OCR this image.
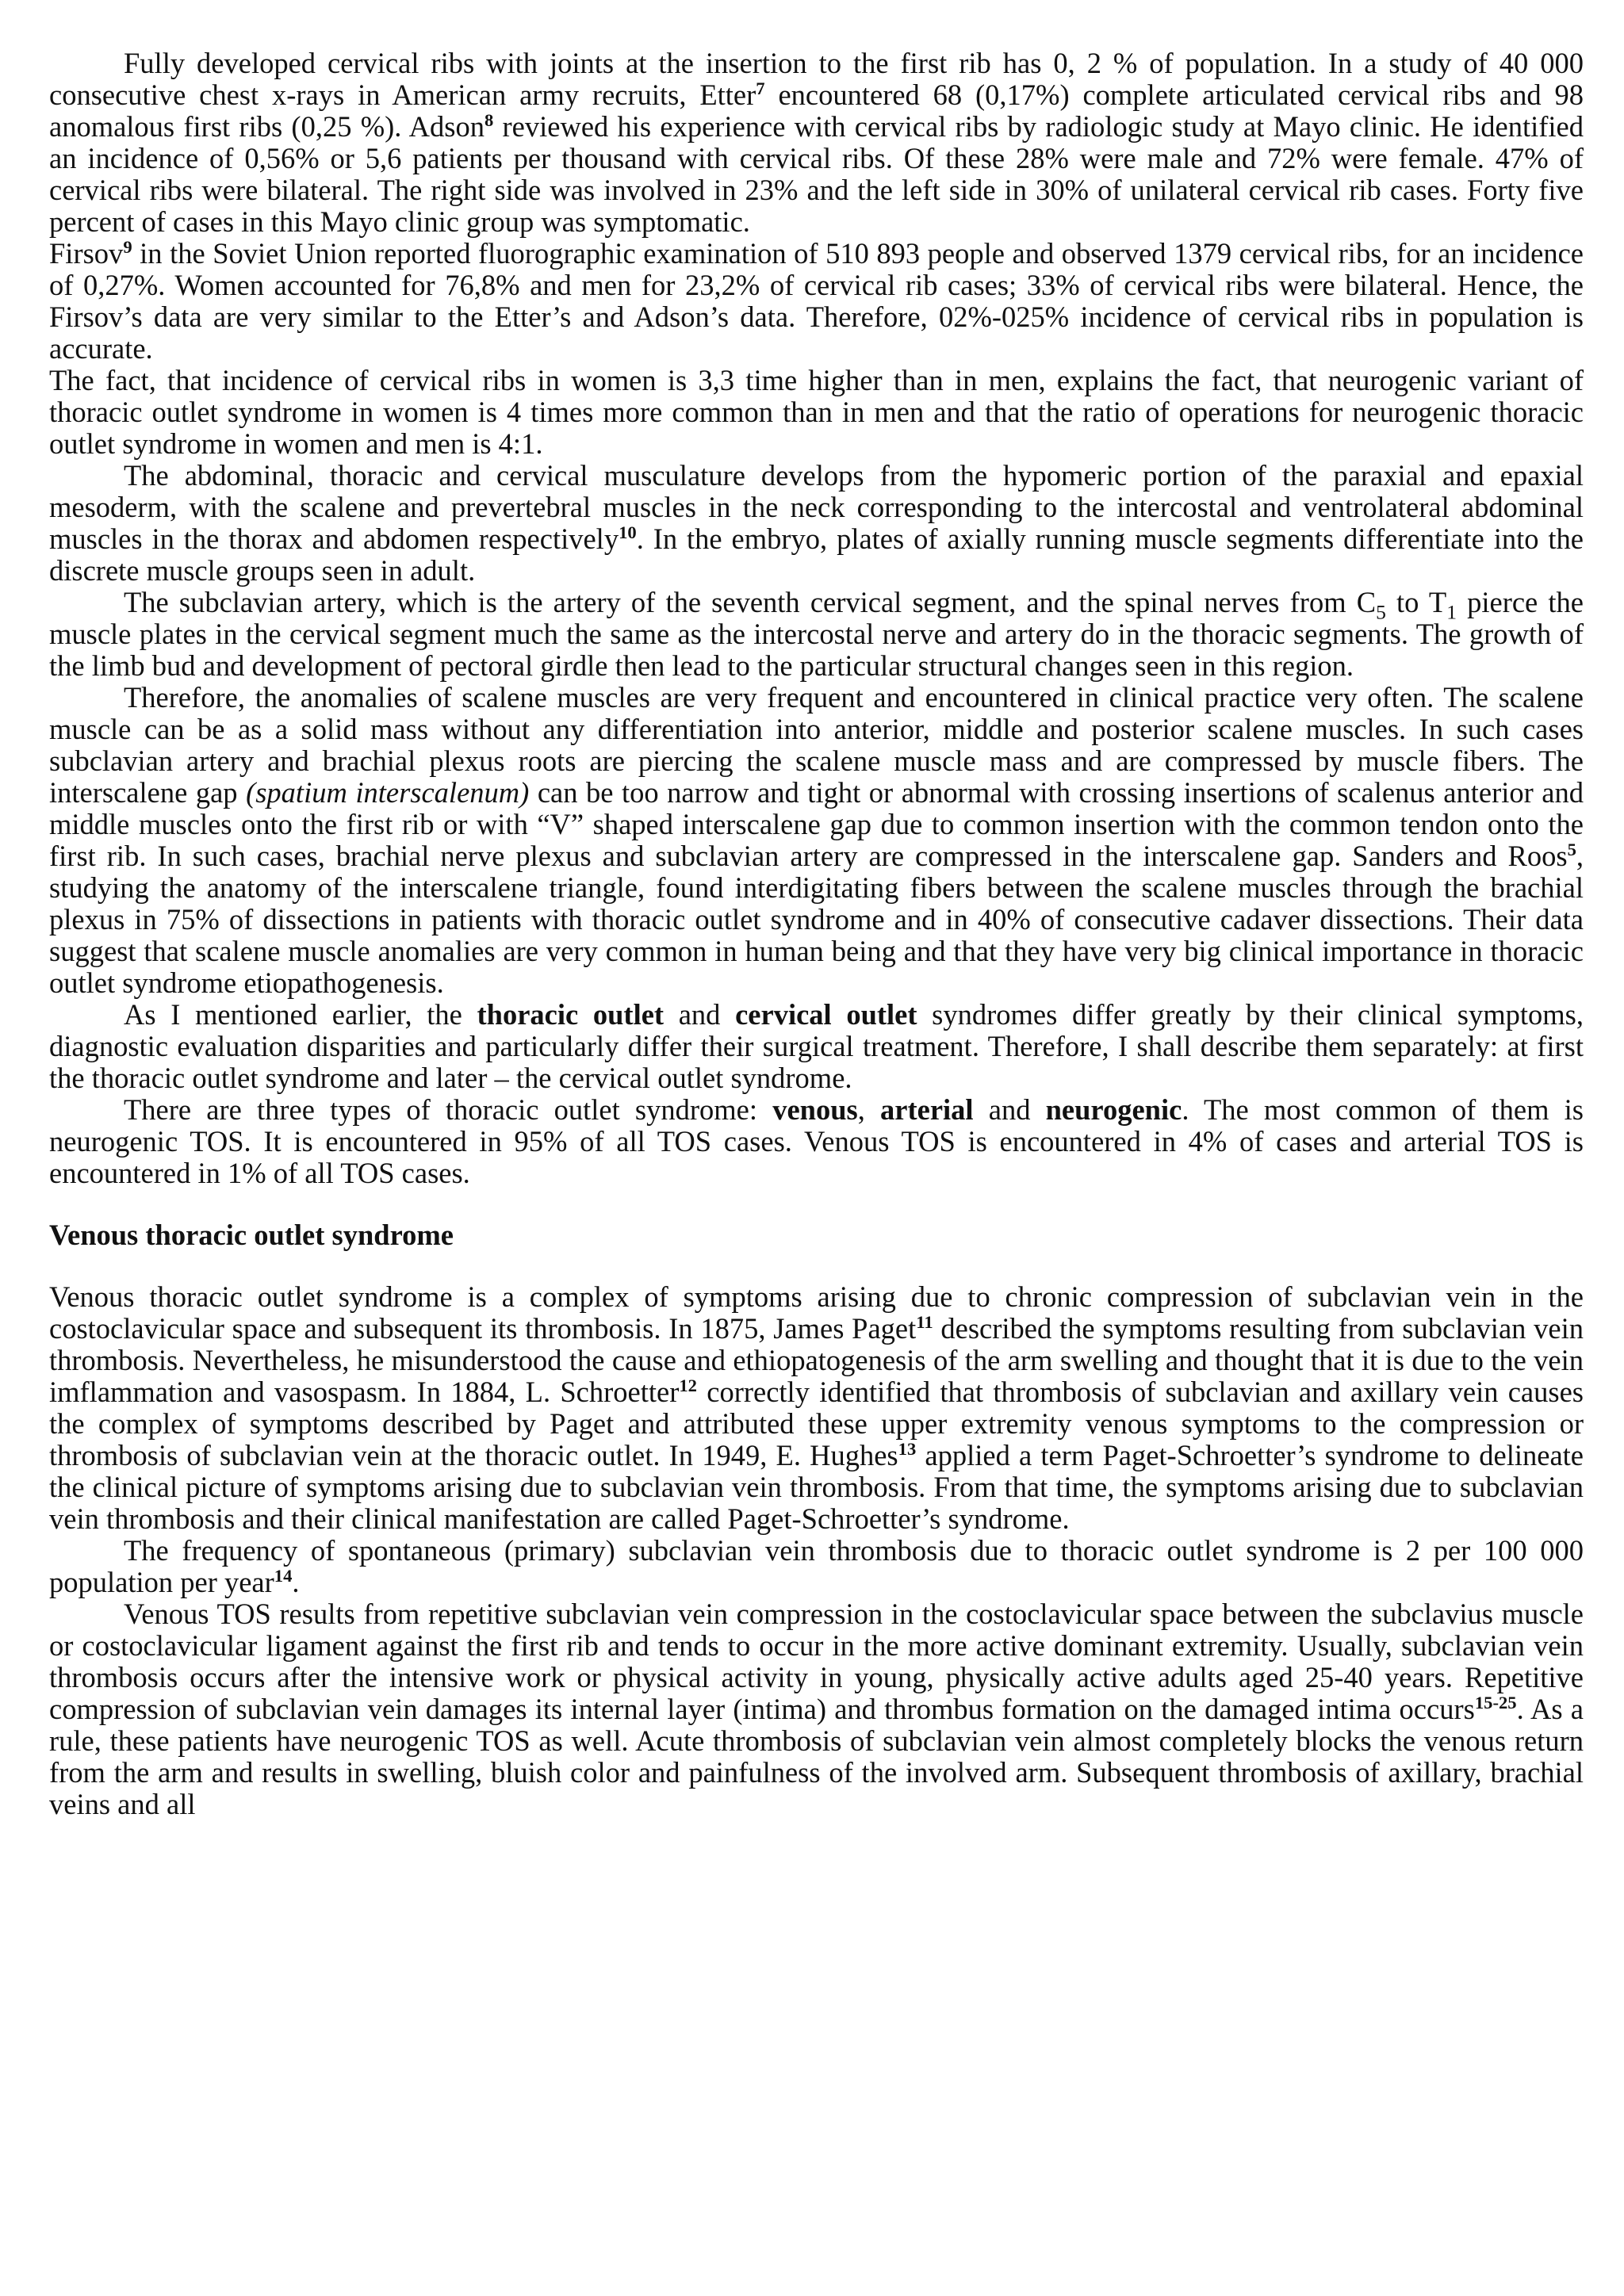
Fully developed cervical ribs with joints at the insertion to the first rib has 0, 2 % of population. In a study of 40 000 consecutive chest x-rays in American army recruits, Etter$^7$ encountered 68 (0,17%) complete articulated cervical ribs and 98 anomalous first ribs (0,25 %). Adson$^8$ reviewed his experience with cervical ribs by radiologic study at Mayo clinic. He identified an incidence of 0,56% or 5,6 patients per thousand with cervical ribs. Of these 28% were male and 72% were female. 47% of cervical ribs were bilateral. The right side was involved in 23% and the left side in 30% of unilateral cervical rib cases. Forty five percent of cases in this Mayo clinic group was symptomatic.

Firsov$^9$ in the Soviet Union reported fluorographic examination of 510 893 people and observed 1379 cervical ribs, for an incidence of 0,27%. Women accounted for 76,8% and men for 23,2% of cervical rib cases; 33% of cervical ribs were bilateral. Hence, the Firsov’s data are very similar to the Etter’s and Adson’s data. Therefore, 02%-025% incidence of cervical ribs in population is accurate.

The fact, that incidence of cervical ribs in women is 3,3 time higher than in men, explains the fact, that neurogenic variant of thoracic outlet syndrome in women is 4 times more common than in men and that the ratio of operations for neurogenic thoracic outlet syndrome in women and men is 4:1.

The abdominal, thoracic and cervical musculature develops from the hypomeric portion of the paraxial and epaxial mesoderm, with the scalene and prevertebral muscles in the neck corresponding to the intercostal and ventrolateral abdominal muscles in the thorax and abdomen respectively$^{10}$. In the embryo, plates of axially running muscle segments differentiate into the discrete muscle groups seen in adult.

The subclavian artery, which is the artery of the seventh cervical segment, and the spinal nerves from $C_5$ to $T_1$ pierce the muscle plates in the cervical segment much the same as the intercostal nerve and artery do in the thoracic segments. The growth of the limb bud and development of pectoral girdle then lead to the particular structural changes seen in this region.

Therefore, the anomalies of scalene muscles are very frequent and encountered in clinical practice very often. The scalene muscle can be as a solid mass without any differentiation into anterior, middle and posterior scalene muscles. In such cases subclavian artery and brachial plexus roots are piercing the scalene muscle mass and are compressed by muscle fibers. The interscalene gap (spatium interscalenum) can be too narrow and tight or abnormal with crossing insertions of scalenus anterior and middle muscles onto the first rib or with “V” shaped interscalene gap due to common insertion with the common tendon onto the first rib. In such cases, brachial nerve plexus and subclavian artery are compressed in the interscalene gap. Sanders and Roos$^5$, studying the anatomy of the interscalene triangle, found interdigitating fibers between the scalene muscles through the brachial plexus in 75% of dissections in patients with thoracic outlet syndrome and in 40% of consecutive cadaver dissections. Their data suggest that scalene muscle anomalies are very common in human being and that they have very big clinical importance in thoracic outlet syndrome etiopathogenesis.

As I mentioned earlier, the thoracic outlet and cervical outlet syndromes differ greatly by their clinical symptoms, diagnostic evaluation disparities and particularly differ their surgical treatment. Therefore, I shall describe them separately: at first the thoracic outlet syndrome and later – the cervical outlet syndrome.

There are three types of thoracic outlet syndrome: venous, arterial and neurogenic. The most common of them is neurogenic TOS. It is encountered in 95% of all TOS cases. Venous TOS is encountered in 4% of cases and arterial TOS is encountered in 1% of all TOS cases.

Venous thoracic outlet syndrome

Venous thoracic outlet syndrome is a complex of symptoms arising due to chronic compression of subclavian vein in the costoclavicular space and subsequent its thrombosis. In 1875, James Paget$^{11}$ described the symptoms resulting from subclavian vein thrombosis. Nevertheless, he misunderstood the cause and ethiopatogenesis of the arm swelling and thought that it is due to the vein imflammation and vasospasm. In 1884, L. Schroetter$^{12}$ correctly identified that thrombosis of subclavian and axillary vein causes the complex of symptoms described by Paget and attributed these upper extremity venous symptoms to the compression or thrombosis of subclavian vein at the thoracic outlet. In 1949, E. Hughes$^{13}$ applied a term Paget-Schroetter’s syndrome to delineate the clinical picture of symptoms arising due to subclavian vein thrombosis. From that time, the symptoms arising due to subclavian vein thrombosis and their clinical manifestation are called Paget-Schroetter’s syndrome.

The frequency of spontaneous (primary) subclavian vein thrombosis due to thoracic outlet syndrome is 2 per 100 000 population per year$^{14}$.

Venous TOS results from repetitive subclavian vein compression in the costoclavicular space between the subclavius muscle or costoclavicular ligament against the first rib and tends to occur in the more active dominant extremity. Usually, subclavian vein thrombosis occurs after the intensive work or physical activity in young, physically active adults aged 25-40 years. Repetitive compression of subclavian vein damages its internal layer (intima) and thrombus formation on the damaged intima occurs$^{15-25}$. As a rule, these patients have neurogenic TOS as well. Acute thrombosis of subclavian vein almost completely blocks the venous return from the arm and results in swelling, bluish color and painfulness of the involved arm. Subsequent thrombosis of axillary, brachial veins and all
